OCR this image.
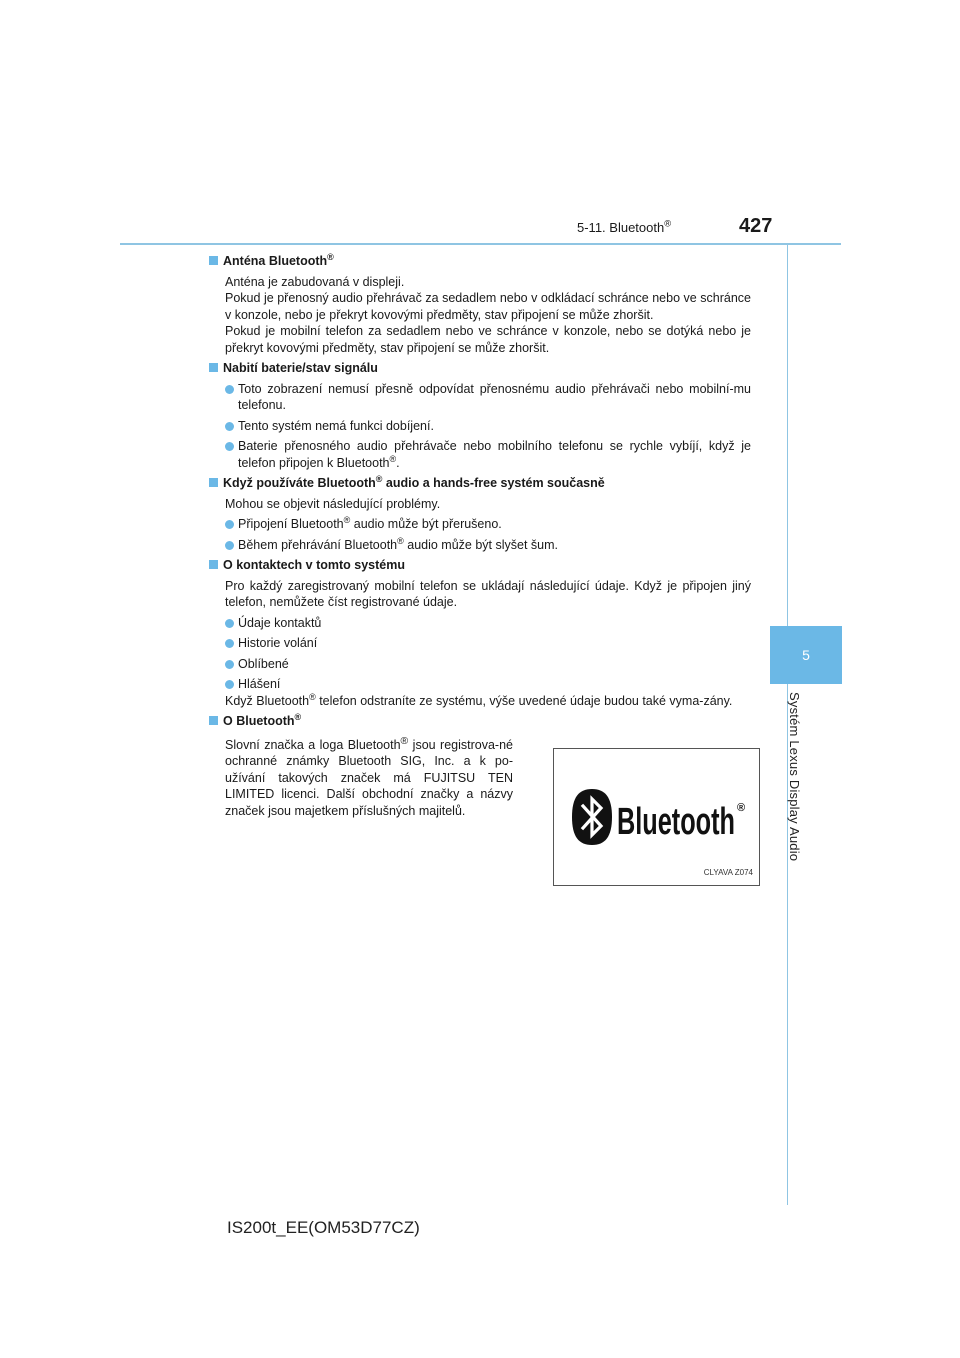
5-11. Bluetooth®	427
5
Systém Lexus Display Audio
Anténa Bluetooth®
Anténa je zabudovaná v displeji.
Pokud je přenosný audio přehrávač za sedadlem nebo v odkládací schránce nebo ve schránce v konzole, nebo je překryt kovovými předměty, stav připojení se může zhoršit.
Pokud je mobilní telefon za sedadlem nebo ve schránce v konzole, nebo se dotýká nebo je překryt kovovými předměty, stav připojení se může zhoršit.
Nabití baterie/stav signálu
Toto zobrazení nemusí přesně odpovídat přenosnému audio přehrávači nebo mobilní-mu telefonu.
Tento systém nemá funkci dobíjení.
Baterie přenosného audio přehrávače nebo mobilního telefonu se rychle vybíjí, když je telefon připojen k Bluetooth®.
Když používáte Bluetooth® audio a hands-free systém současně
Mohou se objevit následující problémy.
Připojení Bluetooth® audio může být přerušeno.
Během přehrávání Bluetooth® audio může být slyšet šum.
O kontaktech v tomto systému
Pro každý zaregistrovaný mobilní telefon se ukládají následující údaje. Když je připojen jiný telefon, nemůžete číst registrované údaje.
Údaje kontaktů
Historie volání
Oblíbené
Hlášení
Když Bluetooth® telefon odstraníte ze systému, výše uvedené údaje budou také vyma-zány.
O Bluetooth®
Slovní značka a loga Bluetooth® jsou registrova-né ochranné známky Bluetooth SIG, Inc. a k po-užívání takových značek má FUJITSU TEN LIMITED licenci. Další obchodní značky a názvy značek jsou majetkem příslušných majitelů.	Bluetooth ®
CLYAVA Z074
IS200t_EE(OM53D77CZ)
